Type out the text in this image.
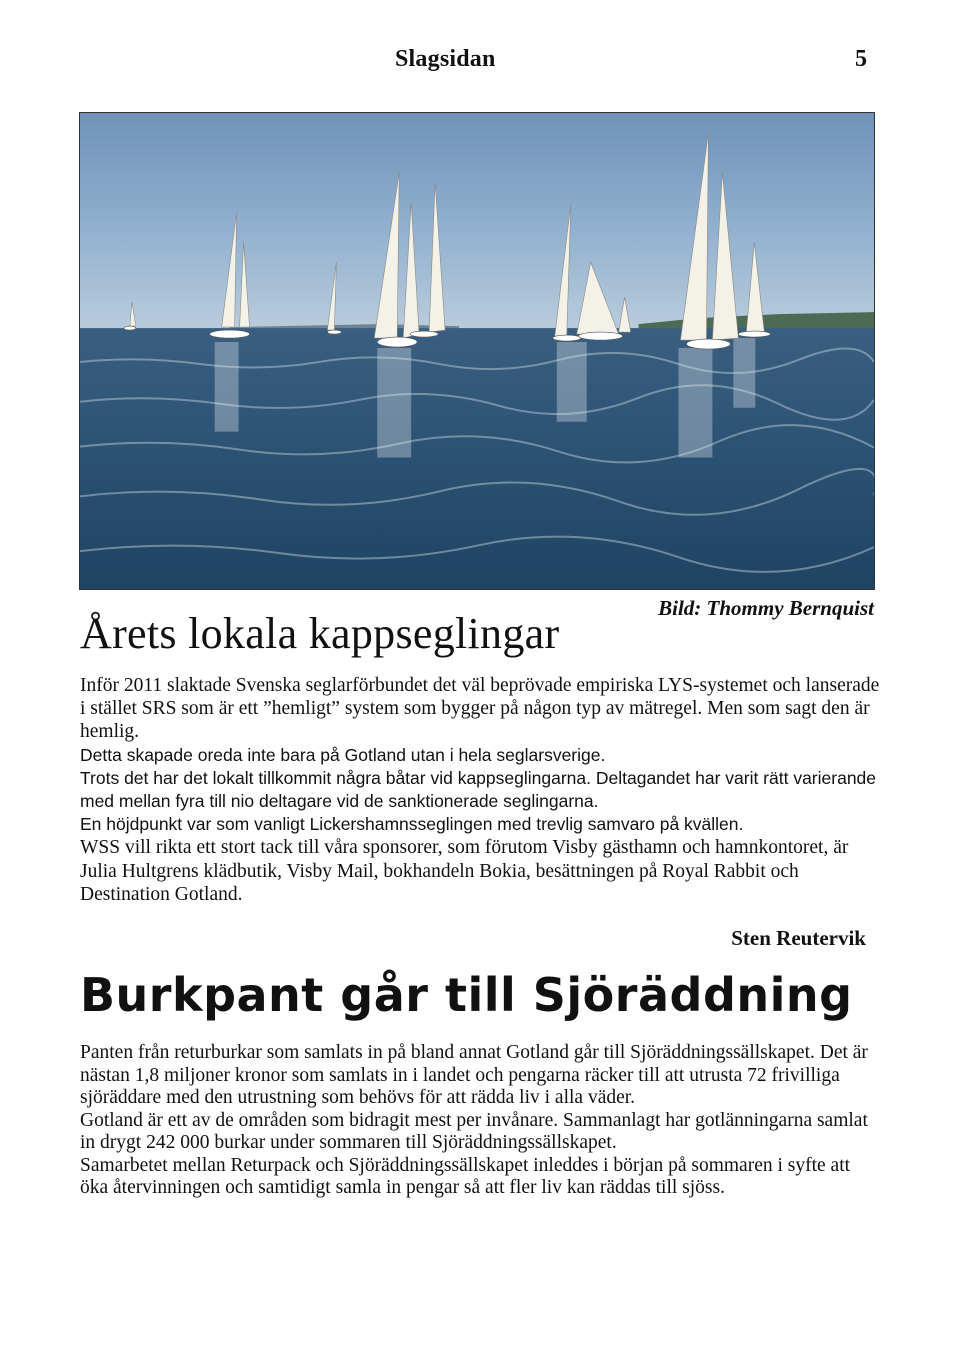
Slagsidan	5
Bild: Thommy Bernquist
Årets lokala kappseglingar

Inför 2011 slaktade Svenska seglarförbundet det väl beprövade empiriska LYS-systemet och lanserade i stället SRS som är ett ”hemligt” system som bygger på någon typ av mätregel. Men som sagt den är hemlig.

Detta skapade oreda inte bara på Gotland utan i hela seglarsverige.

Trots det har det lokalt tillkommit några båtar vid kappseglingarna. Deltagandet har varit rätt varierande med mellan fyra till nio deltagare vid de sanktionerade seglingarna.

En höjdpunkt var som vanligt Lickershamnsseglingen med trevlig samvaro på kvällen.

WSS vill rikta ett stort tack till våra sponsorer, som förutom Visby gästhamn och hamnkontoret, är Julia Hultgrens klädbutik, Visby Mail, bokhandeln Bokia, besättningen på Royal Rabbit och Destination Gotland.

Sten Reutervik
Burkpant går till Sjöräddning

Panten från returburkar som samlats in på bland annat Gotland går till Sjöräddningssällskapet. Det är nästan 1,8 miljoner kronor som samlats in i landet och pengarna räcker till att utrusta 72 frivilliga sjöräddare med den utrustning som behövs för att rädda liv i alla väder.

Gotland är ett av de områden som bidragit mest per invånare. Sammanlagt har gotlänningarna samlat in drygt 242 000 burkar under sommaren till Sjöräddningssällskapet.

Samarbetet mellan Returpack och Sjöräddningssällskapet inleddes i början på sommaren i syfte att öka återvinningen och samtidigt samla in pengar så att fler liv kan räddas till sjöss.
